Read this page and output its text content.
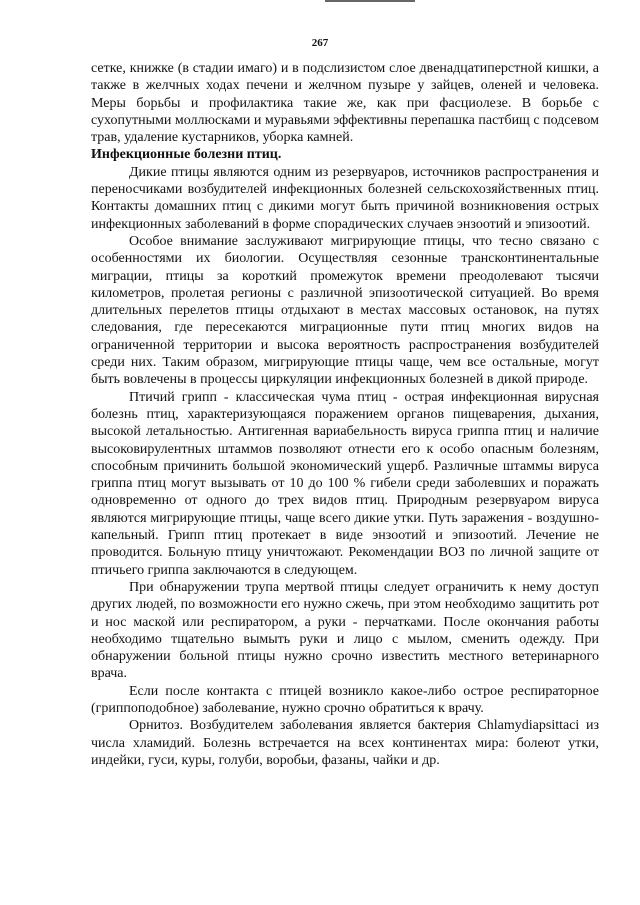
267

сетке, книжке (в стадии имаго) и в подслизистом слое двенадцатиперстной кишки, а также в желчных ходах печени и желчном пузыре у зайцев, оленей и человека. Меры борьбы и профилактика такие же, как при фасциолезе. В борьбе с сухопутными моллюсками и муравьями эффективны перепашка пастбищ с подсевом трав, удаление кустарников, уборка камней.

Инфекционные болезни птиц.

Дикие птицы являются одним из резервуаров, источников распространения и переносчиками возбудителей инфекционных болезней сельскохозяйственных птиц. Контакты домашних птиц с дикими могут быть причиной возникновения острых инфекционных заболеваний в форме спорадических случаев энзоотий и эпизоотий.

Особое внимание заслуживают мигрирующие птицы, что тесно связано с особенностями их биологии. Осуществляя сезонные трансконтинентальные миграции, птицы за короткий промежуток времени преодолевают тысячи километров, пролетая регионы с различной эпизоотической ситуацией. Во время длительных перелетов птицы отдыхают в местах массовых остановок, на путях следования, где пересекаются миграционные пути птиц многих видов на ограниченной территории и высока вероятность распространения возбудителей среди них. Таким образом, мигрирующие птицы чаще, чем все остальные, могут быть вовлечены в процессы циркуляции инфекционных болезней в дикой природе.

Птичий грипп - классическая чума птиц - острая инфекционная вирусная болезнь птиц, характеризующаяся поражением органов пищеварения, дыхания, высокой летальностью. Антигенная вариабельность вируса гриппа птиц и наличие высоковирулентных штаммов позволяют отнести его к особо опасным болезням, способным причинить большой экономический ущерб. Различные штаммы вируса гриппа птиц могут вызывать от 10 до 100 % гибели среди заболевших и поражать одновременно от одного до трех видов птиц. Природным резервуаром вируса являются мигрирующие птицы, чаще всего дикие утки. Путь заражения - воздушно-капельный. Грипп птиц протекает в виде энзоотий и эпизоотий. Лечение не проводится. Больную птицу уничтожают. Рекомендации ВОЗ по личной защите от птичьего гриппа заключаются в следующем.

При обнаружении трупа мертвой птицы следует ограничить к нему доступ других людей, по возможности его нужно сжечь, при этом необходимо защитить рот и нос маской или респиратором, а руки - перчатками. После окончания работы необходимо тщательно вымыть руки и лицо с мылом, сменить одежду. При обнаружении больной птицы нужно срочно известить местного ветеринарного врача.

Если после контакта с птицей возникло какое-либо острое респираторное (гриппоподобное) заболевание, нужно срочно обратиться к врачу.

Орнитоз. Возбудителем заболевания является бактерия Chlamydiapsittaci из числа хламидий. Болезнь встречается на всех континентах мира: болеют утки, индейки, гуси, куры, голуби, воробьи, фазаны, чайки и др.
